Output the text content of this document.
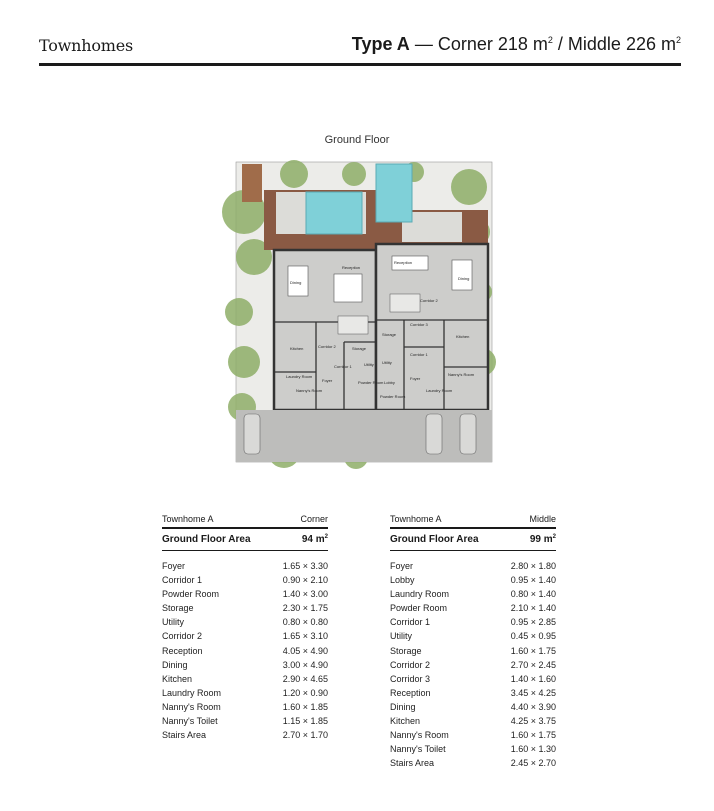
Townhomes	Type A — Corner 218 $m^2$ / Middle 226 $m^2$
Ground Floor
Reception
Dining
Kitchen	Corridor 2	Storage
Corridor 1
Laundry Room
Foyer	Powder Room
Nanny's Room
Utility
Reception
Dining
Corridor 2
Corridor 3
Corridor 1
Storage
Utility
Kitchen
Foyer
Lobby
Nanny's Room
Laundry Room
Powder Room
Townhome A	Corner
Ground Floor Area	94 $m^2$
Foyer	1.65 × 3.30
Corridor 1	0.90 × 2.10
Powder Room	1.40 × 3.00
Storage	2.30 × 1.75
Utility	0.80 × 0.80
Corridor 2	1.65 × 3.10
Reception	4.05 × 4.90
Dining	3.00 × 4.90
Kitchen	2.90 × 4.65
Laundry Room	1.20 × 0.90
Nanny's Room	1.60 × 1.85
Nanny's Toilet	1.15 × 1.85
Stairs Area	2.70 × 1.70
Townhome A	Middle
Ground Floor Area	99 $m^2$
Foyer	2.80 × 1.80
Lobby	0.95 × 1.40
Laundry Room	0.80 × 1.40
Powder Room	2.10 × 1.40
Corridor 1	0.95 × 2.85
Utility	0.45 × 0.95
Storage	1.60 × 1.75
Corridor 2	2.70 × 2.45
Corridor 3	1.40 × 1.60
Reception	3.45 × 4.25
Dining	4.40 × 3.90
Kitchen	4.25 × 3.75
Nanny's Room	1.60 × 1.75
Nanny's Toilet	1.60 × 1.30
Stairs Area	2.45 × 2.70
